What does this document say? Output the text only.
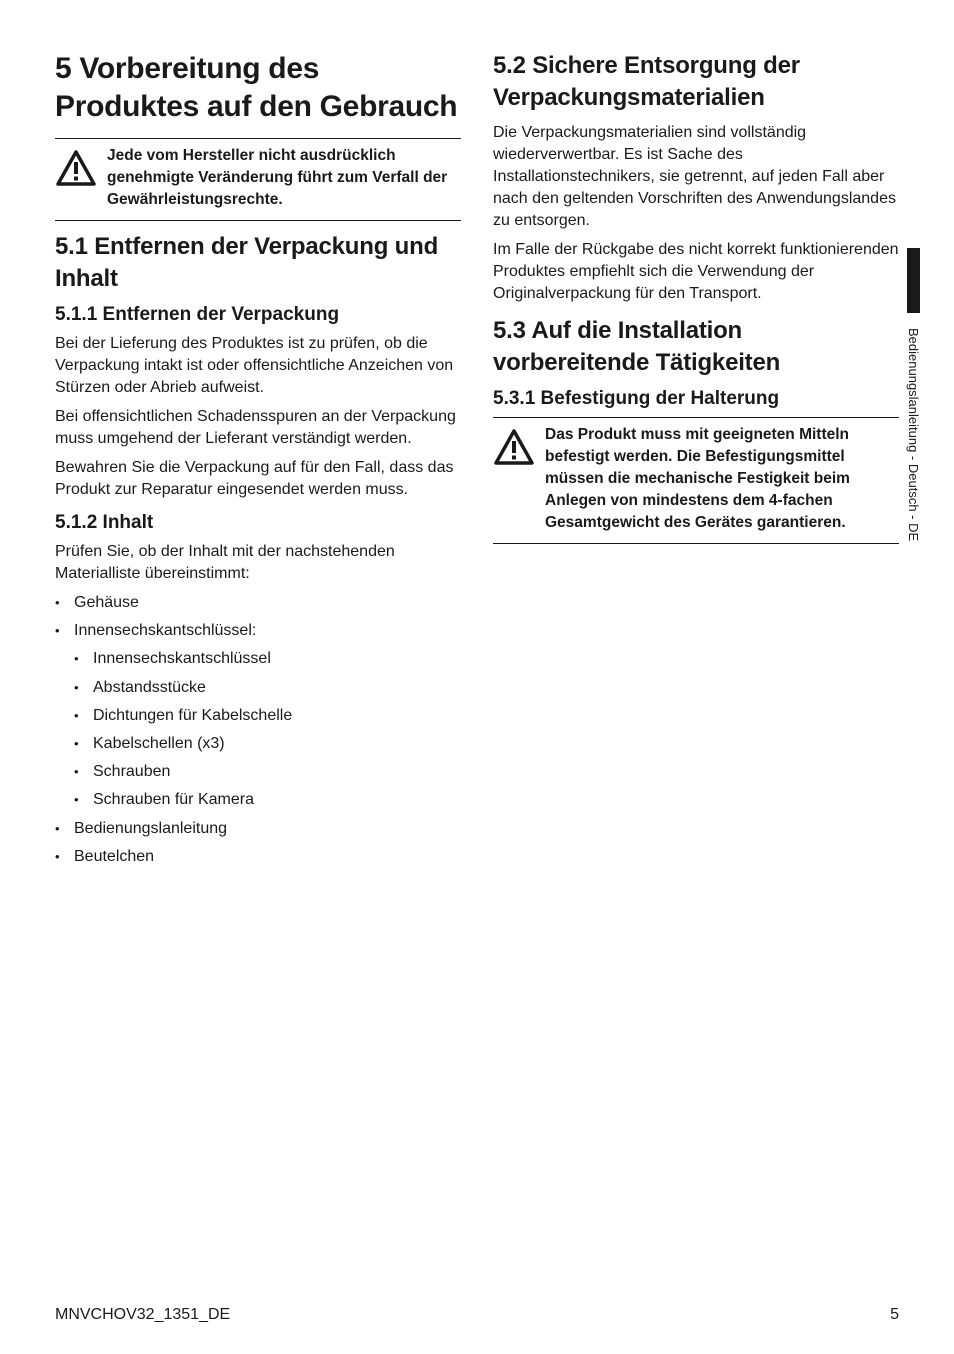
5 Vorbereitung des Produktes auf den Gebrauch
Jede vom Hersteller nicht ausdrücklich genehmigte Veränderung führt zum Verfall der Gewährleistungsrechte.
5.1 Entfernen der Verpackung und Inhalt
5.1.1 Entfernen der Verpackung

Bei der Lieferung des Produktes ist zu prüfen, ob die Verpackung intakt ist oder offensichtliche Anzeichen von Stürzen oder Abrieb aufweist.

Bei offensichtlichen Schadensspuren an der Verpackung muss umgehend der Lieferant verständigt werden.

Bewahren Sie die Verpackung auf für den Fall, dass das Produkt zur Reparatur eingesendet werden muss.

5.1.2 Inhalt

Prüfen Sie, ob der Inhalt mit der nachstehenden Materialliste übereinstimmt:

• Gehäuse
• Innensechskantschlüssel:
• Innensechskantschlüssel
• Abstandsstücke
• Dichtungen für Kabelschelle
• Kabelschellen (x3)
• Schrauben
• Schrauben für Kamera
• Bedienungslanleitung
• Beutelchen
5.2 Sichere Entsorgung der Verpackungsmaterialien

Die Verpackungsmaterialien sind vollständig wiederverwertbar. Es ist Sache des Installationstechnikers, sie getrennt, auf jeden Fall aber nach den geltenden Vorschriften des Anwendungslandes zu entsorgen.

Im Falle der Rückgabe des nicht korrekt funktionierenden Produktes empfiehlt sich die Verwendung der Originalverpackung für den Transport.

5.3 Auf die Installation vorbereitende Tätigkeiten
5.3.1 Befestigung der Halterung
Das Produkt muss mit geeigneten Mitteln befestigt werden. Die Befestigungsmittel müssen die mechanische Festigkeit beim Anlegen von mindestens dem 4-fachen Gesamtgewicht des Gerätes garantieren.	Bedienungslanleitung - Deutsch - DE
MNVCHOV32_1351_DE	5
